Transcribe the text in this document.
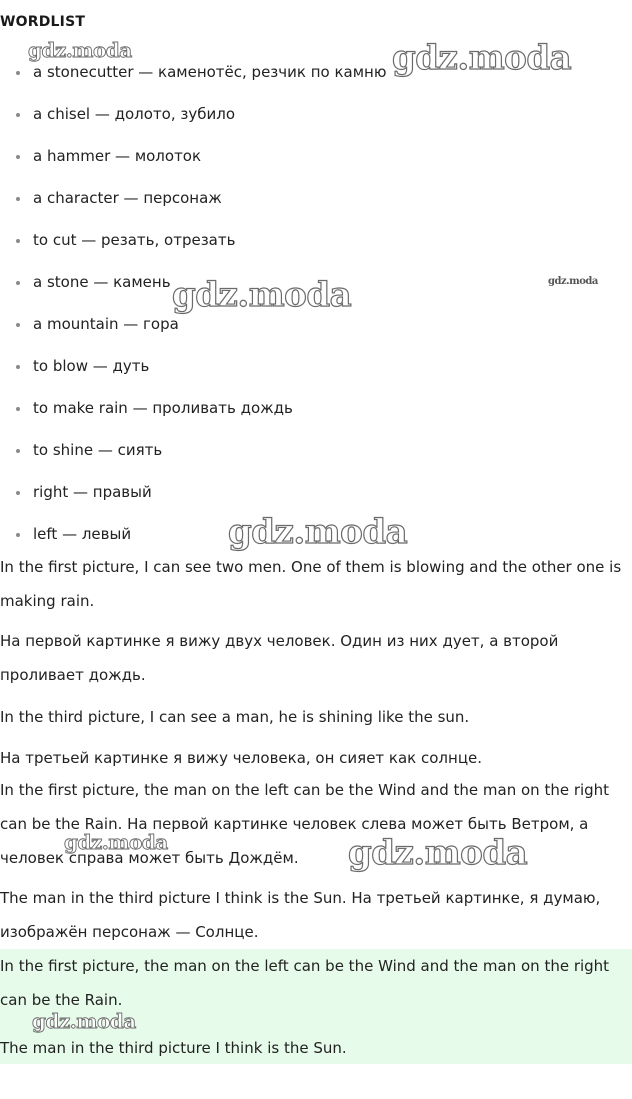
WORDLIST
a stonecutter — каменотёс, резчик по камню
a chisel — долото, зубило
a hammer — молоток
a character — персонаж
to cut — резать, отрезать
a stone — камень
a mountain — гора
to blow — дуть
to make rain — проливать дождь
to shine — сиять
right — правый
left — левый

In the first picture, I can see two men. One of them is blowing and the other one is making rain.

На первой картинке я вижу двух человек. Один из них дует, а второй проливает дождь.

In the third picture, I can see a man, he is shining like the sun.

На третьей картинке я вижу человека, он сияет как солнце.

In the first picture, the man on the left can be the Wind and the man on the right can be the Rain. На первой картинке человек слева может быть Ветром, а человек справа может быть Дождём.

The man in the third picture I think is the Sun. На третьей картинке, я думаю, изображён персонаж — Солнце.

In the first picture, the man on the left can be the Wind and the man on the right can be the Rain.

The man in the third picture I think is the Sun.

gdz.moda	gdz.moda
gdz.moda	gdz.moda
gdz.moda
gdz.moda	gdz.moda
gdz.moda
